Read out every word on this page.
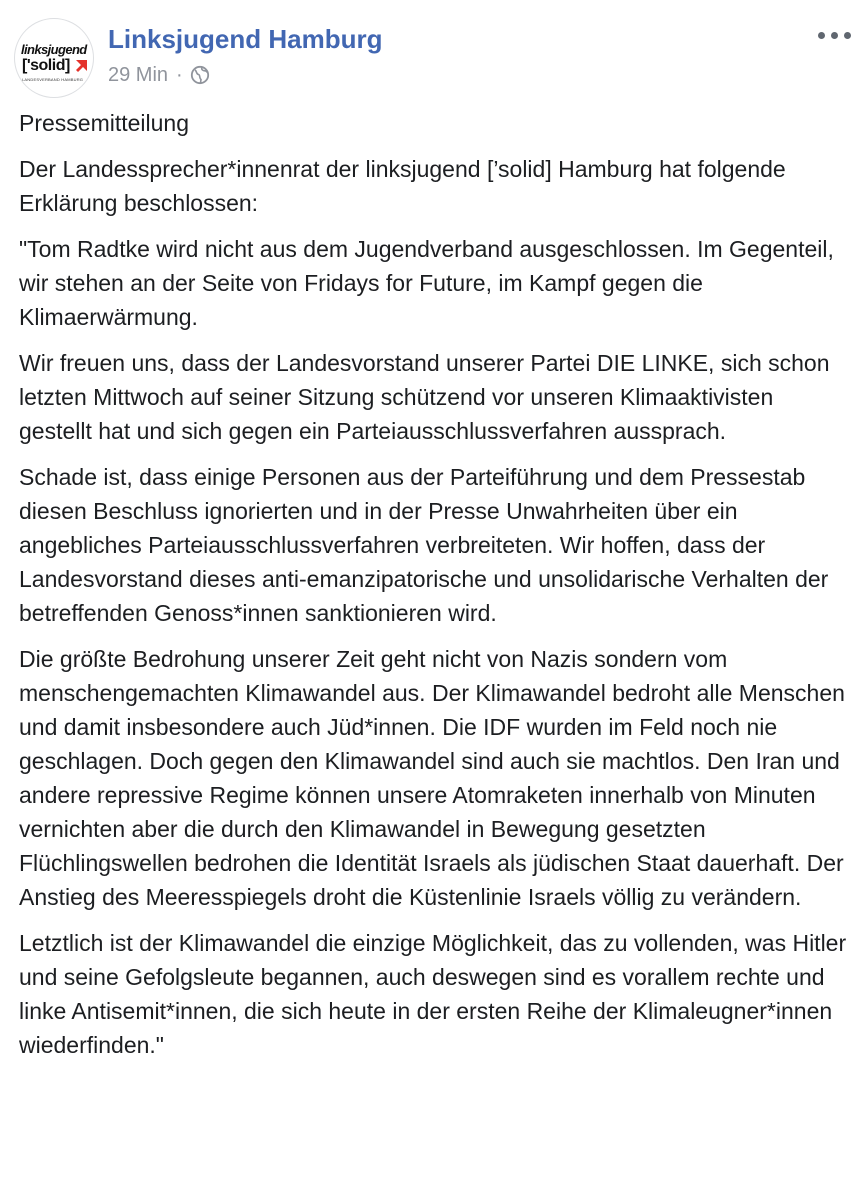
linksjugend
['solid]
LANDESVERBAND HAMBURG
Linksjugend Hamburg
29 Min ·

Pressemitteilung

Der Landessprecher*innenrat der linksjugend [’solid] Hamburg hat folgende Erklärung beschlossen:

"Tom Radtke wird nicht aus dem Jugendverband ausgeschlossen. Im Gegenteil, wir stehen an der Seite von Fridays for Future, im Kampf gegen die Klimaerwärmung.

Wir freuen uns, dass der Landesvorstand unserer Partei DIE LINKE, sich schon letzten Mittwoch auf seiner Sitzung schützend vor unseren Klimaaktivisten gestellt hat und sich gegen ein Parteiausschlussverfahren aussprach.

Schade ist, dass einige Personen aus der Parteiführung und dem Pressestab diesen Beschluss ignorierten und in der Presse Unwahrheiten über ein angebliches Parteiausschlussverfahren verbreiteten. Wir hoffen, dass der Landesvorstand dieses anti-emanzipatorische und unsolidarische Verhalten der betreffenden Genoss*innen sanktionieren wird.

Die größte Bedrohung unserer Zeit geht nicht von Nazis sondern vom menschengemachten Klimawandel aus. Der Klimawandel bedroht alle Menschen und damit insbesondere auch Jüd*innen. Die IDF wurden im Feld noch nie geschlagen. Doch gegen den Klimawandel sind auch sie machtlos. Den Iran und andere repressive Regime können unsere Atomraketen innerhalb von Minuten vernichten aber die durch den Klimawandel in Bewegung gesetzten Flüchlingswellen bedrohen die Identität Israels als jüdischen Staat dauerhaft. Der Anstieg des Meeresspiegels droht die Küstenlinie Israels völlig zu verändern.

Letztlich ist der Klimawandel die einzige Möglichkeit, das zu vollenden, was Hitler und seine Gefolgsleute begannen, auch deswegen sind es vorallem rechte und linke Antisemit*innen, die sich heute in der ersten Reihe der Klimaleugner*innen wiederfinden."
